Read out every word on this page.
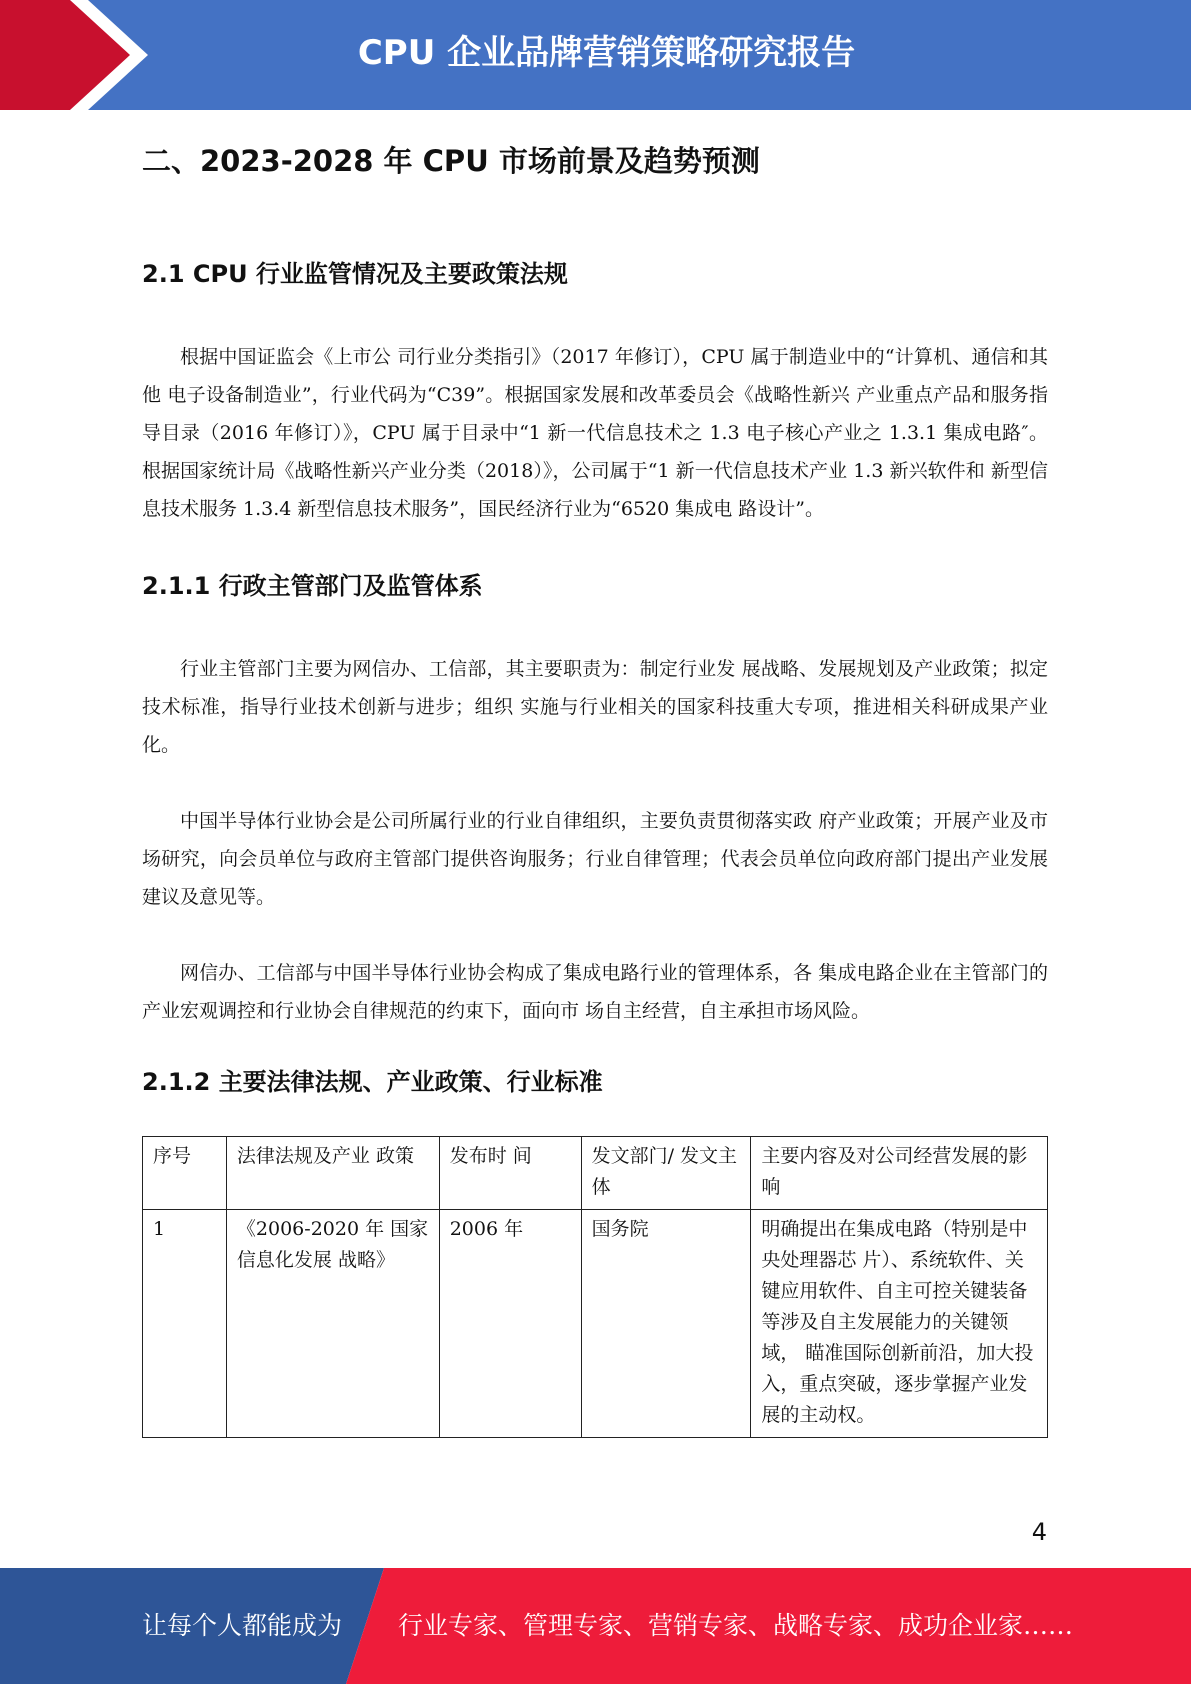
CPU 企业品牌营销策略研究报告
二、2023-2028 年 CPU 市场前景及趋势预测
2.1 CPU 行业监管情况及主要政策法规

根据中国证监会《上市公 司行业分类指引》（2017 年修订），CPU 属于制造业中的“计算机、通信和其他 电子设备制造业”，行业代码为“C39”。根据国家发展和改革委员会《战略性新兴 产业重点产品和服务指导目录（2016 年修订）》，CPU 属于目录中“1 新一代信息技术之 1.3 电子核心产业之 1.3.1 集成电路″。根据国家统计局《战略性新兴产业分类（2018）》，公司属于“1 新一代信息技术产业 1.3 新兴软件和 新型信息技术服务 1.3.4 新型信息技术服务”，国民经济行业为“6520 集成电 路设计”。

2.1.1 行政主管部门及监管体系

行业主管部门主要为网信办、工信部，其主要职责为：制定行业发 展战略、发展规划及产业政策；拟定技术标准，指导行业技术创新与进步；组织 实施与行业相关的国家科技重大专项，推进相关科研成果产业化。

中国半导体行业协会是公司所属行业的行业自律组织，主要负责贯彻落实政 府产业政策；开展产业及市场研究，向会员单位与政府主管部门提供咨询服务；行业自律管理；代表会员单位向政府部门提出产业发展建议及意见等。

网信办、工信部与中国半导体行业协会构成了集成电路行业的管理体系，各 集成电路企业在主管部门的产业宏观调控和行业协会自律规范的约束下，面向市 场自主经营，自主承担市场风险。

2.1.2 主要法律法规、产业政策、行业标准
序号	法律法规及产业 政策	发布时 间	发文部门/ 发文主体	主要内容及对公司经营发展的影响
1	《2006-2020 年 国家信息化发展 战略》	2006 年	国务院	明确提出在集成电路（特别是中央处理器芯 片）、系统软件、关键应用软件、自主可控关键装备等涉及自主发展能力的关键领域， 瞄准国际创新前沿，加大投入，重点突破，逐步掌握产业发展的主动权。
4
让每个人都能成为 行业专家、管理专家、营销专家、战略专家、成功企业家……
